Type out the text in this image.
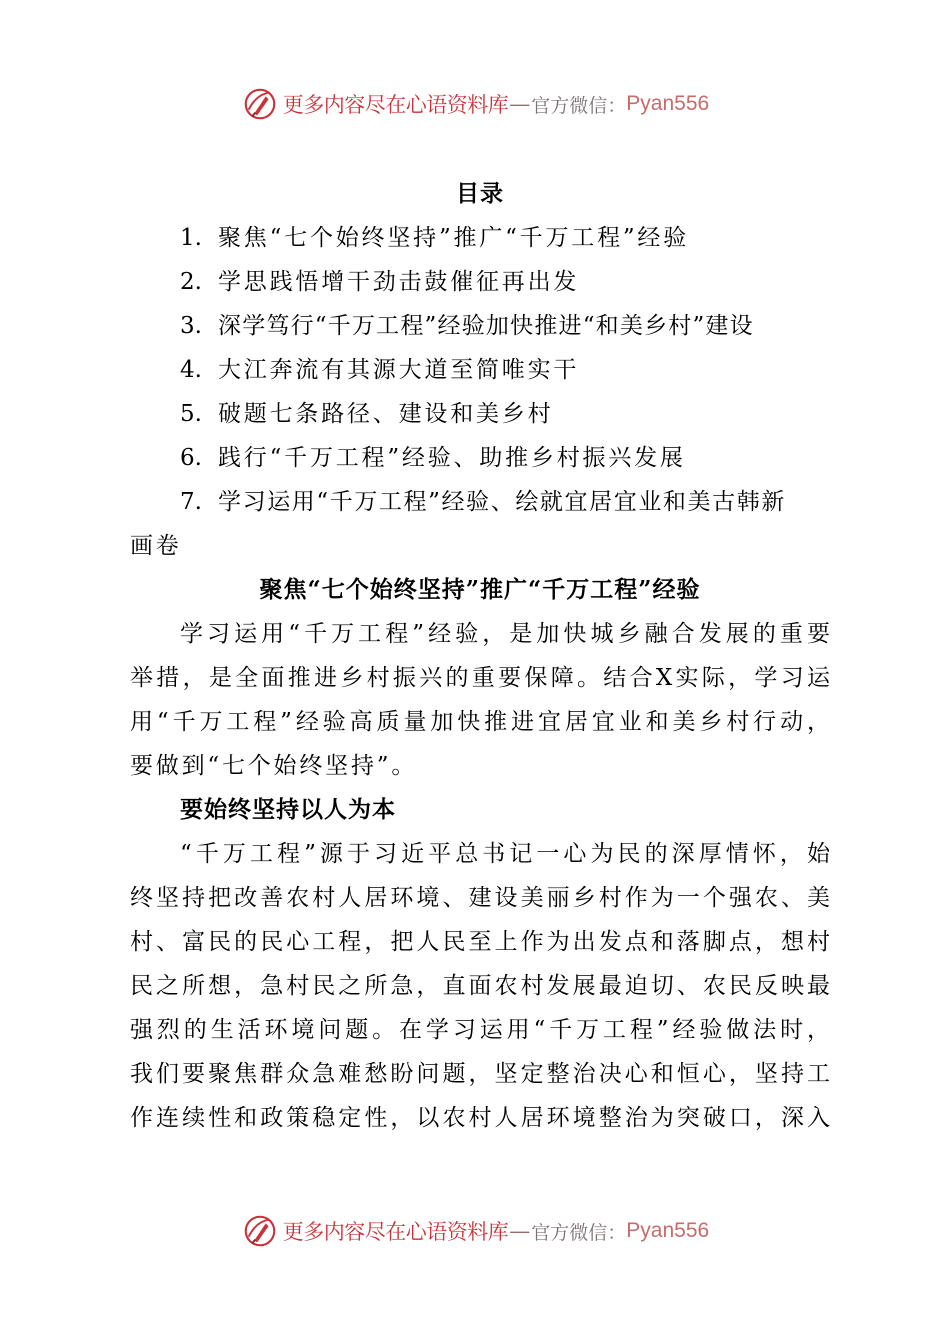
更多内容尽在心语资料库 — 官方微信： Pyan556
目录
1. 聚焦“七个始终坚持”推广“千万工程”经验
2. 学思践悟增干劲击鼓催征再出发
3. 深学笃行“千万工程”经验加快推进“和美乡村”建设
4. 大江奔流有其源大道至简唯实干
5. 破题七条路径、建设和美乡村
6. 践行“千万工程”经验、助推乡村振兴发展
7. 学习运用“千万工程”经验、绘就宜居宜业和美古韩新
画卷
聚焦“七个始终坚持”推广“千万工程”经验
学习运用“千万工程”经验，是加快城乡融合发展的重要
举措，是全面推进乡村振兴的重要保障。结合X实际，学习运
用“千万工程”经验高质量加快推进宜居宜业和美乡村行动，
要做到“七个始终坚持”。
要始终坚持以人为本
“千万工程”源于习近平总书记一心为民的深厚情怀，始
终坚持把改善农村人居环境、建设美丽乡村作为一个强农、美
村、富民的民心工程，把人民至上作为出发点和落脚点，想村
民之所想，急村民之所急，直面农村发展最迫切、农民反映最
强烈的生活环境问题。在学习运用“千万工程”经验做法时，
我们要聚焦群众急难愁盼问题，坚定整治决心和恒心，坚持工
作连续性和政策稳定性，以农村人居环境整治为突破口，深入
更多内容尽在心语资料库 — 官方微信： Pyan556
